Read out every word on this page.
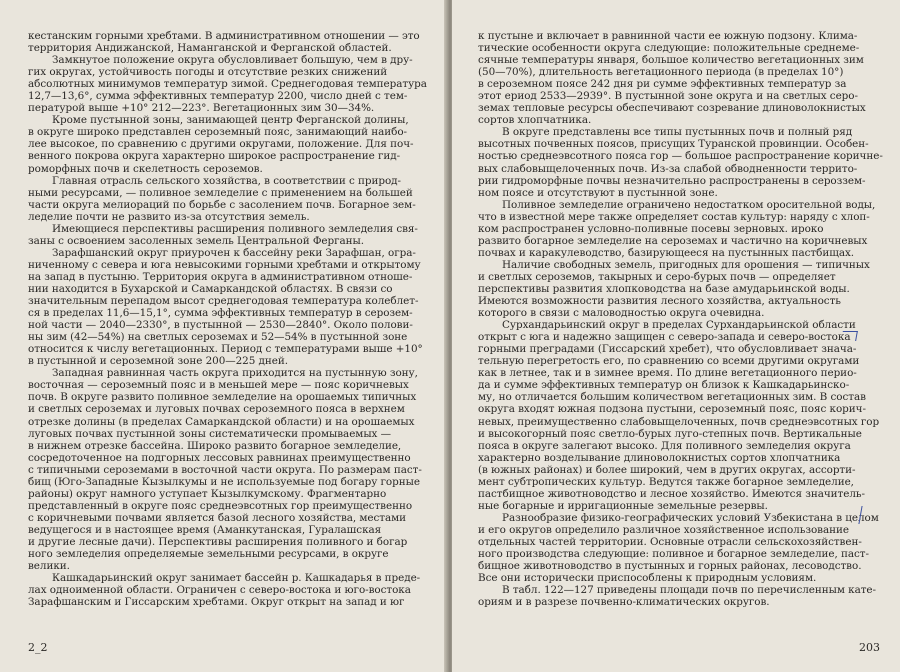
кестанским горными хребтами. В административном отношении — это
территория Андижанской, Наманганской и Ферганской областей.
Замкнутое положение округа обусловливает большую, чем в дру-
гих округах, устойчивость погоды и отсутствие резких снижений
абсолютных минимумов температур зимой. Среднегодовая температура
12,7—13,6°, сумма эффективных температур 2200, число дней с тем-
пературой выше +10° 212—223°. Вегетационных зим 30—34%.
Кроме пустынной зоны, занимающей центр Ферганской долины,
в округе широко представлен сероземный пояс, занимающий наибо-
лее высокое, по сравнению с другими округами, положение. Для поч-
венного покрова округа характерно широкое распространение гид-
роморфных почв и скелетность сероземов.
Главная отрасль сельского хозяйства, в соответствии с природ-
ными ресурсами, — поливное земледелие с применением на большей
части округа мелиораций по борьбе с засолением почв. Богарное зем-
леделие почти не развито из-за отсутствия земель.
Имеющиеся перспективы расширения поливного земледелия свя-
заны с освоением засоленных земель Центральной Ферганы.
Зарафшанский округ приурочен к бассейну реки Зарафшан, огра-
ниченному с севера и юга невысокими горными хребтами и открытому
на запад в пустыню. Территория округа в административном отноше-
нии находится в Бухарской и Самаркандской областях. В связи со
значительным перепадом высот среднегодовая температура колеблет-
ся в пределах 11,6—15,1°, сумма эффективных температур в серозем-
ной части — 2040—2330°, в пустынной — 2530—2840°. Около полови-
ны зим (42—54%) на светлых сероземах и 52—54% в пустынной зоне
относится к числу вегетационных. Период с температурами выше +10°
в пустынной и сероземной зоне 200—225 дней.
Западная равнинная часть округа приходится на пустынную зону,
восточная — сероземный пояс и в меньшей мере — пояс коричневых
почв. В округе развито поливное земледелие на орошаемых типичных
и светлых сероземах и луговых почвах сероземного пояса в верхнем
отрезке долины (в пределах Самаркандской области) и на орошаемых
луговых почвах пустынной зоны систематически промываемых —
в нижнем отрезке бассейна. Широко развито богарное земледелие,
сосредоточенное на подгорных лессовых равнинах преимущественно
с типичными сероземами в восточной части округа. По размерам паст-
бищ (Юго-Западные Кызылкумы и не используемые под богару горные
районы) округ намного уступает Кызылкумскому. Фрагментарно
представленный в округе пояс среднеэвсотных гор преимущественно
с коричневыми почвами является базой лесного хозяйства, местами
ведущегося и в настоящее время (Аманкутанская, Гуралашская
и другие лесные дачи). Перспективы расширения поливного и богар
ного земледелия определяемые земельными ресурсами, в округе
велики.
Кашкадарьинский округ занимает бассейн р. Кашкадарья в преде-
лах одноименной области. Ограничен с северо-востока и юго-востока
Зарафшанским и Гиссарским хребтами. Округ открыт на запад и юг
2_2
к пустыне и включает в равнинной части ее южную подзону. Клима-
тические особенности округа следующие: положительные среднеме-
сячные температуры января, большое количество вегетационных зим
(50—70%), длительность вегетационного периода (в пределах 10°)
в сероземном поясе 242 дня ри сумме эффективных температур за
этот ериод 2533—2939°. В пустынной зоне округа и на светлых серо-
земах тепловые ресурсы обеспечивают созревание длиноволокнистых
сортов хлопчатника.
В округе представлены все типы пустынных почв и полный ряд
высотных почвенных поясов, присущих Туранской провинции. Особен-
ностью среднеэвсотного пояса гор — большое распространение коричне-
вых слабовыщелоченных почв. Из-за слабой обводненности террито-
рии гидроморфные почвы незначительно распространены в сероззем-
ном поясе и отсутствуют в пустынной зоне.
Поливное земледелие ограничено недостатком оросительной воды,
что в известной мере также определяет состав культур: наряду с хлоп-
ком распространен условно-поливные посевы зерновых. ироко
развито богарное земледелие на сероземах и частично на коричневых
почвах и каракулеводство, базирующееся на пустынных пастбищах.
Наличие свободных земель, пригодных для орошения — типичных
и светлых сероземов, такырных и серо-бурых почв — определяет
перспективы развития хлопководства на базе амударьинской воды.
Имеются возможности развития лесного хозяйства, актуальность
которого в связи с маловодностью округа очевидна.
Сурхандарьинский округ в пределах Сурхандарьинской области
открыт с юга и надежно защищен с северо-запада и северо-востока
горными преградами (Гиссарский хребет), что обусловливает знача-
тельную перегретость его, по сравнению со всеми другими округами
как в летнее, так и в зимнее время. По длине вегетационного перио-
да и сумме эффективных температур он близок к Кашкадарьинско-
му, но отличается большим количеством вегетационных зим. В состав
округа входят южная подзона пустыни, сероземный пояс, пояс корич-
невых, преимущественно слабовыщелоченных, почв среднеэвсотных гор
и высокогорный пояс светло-бурых луго-степных почв. Вертикальные
пояса в округе залегают высоко. Для поливного земледелия округа
характерно возделывание длиноволокнистых сортов хлопчатника
(в южных районах) и более широкий, чем в других округах, ассорти-
мент субтропических культур. Ведутся также богарное земледелие,
пастбищное животноводство и лесное хозяйство. Имеются значитель-
ные богарные и ирригационные земельные резервы.
Разнообразие физико-географических условий Узбекистана в целом
и его округов определило различное хозяйственное использование
отдельных частей территории. Основные отрасли сельскохозяйствен-
ного производства следующие: поливное и богарное земледелие, паст-
бищное животноводство в пустынных и горных районах, лесоводство.
Все они исторически приспособлены к природным условиям.
В табл. 122—127 приведены площади почв по перечисленным кате-
ориям и в разрезе почвенно-климатических округов.
203
